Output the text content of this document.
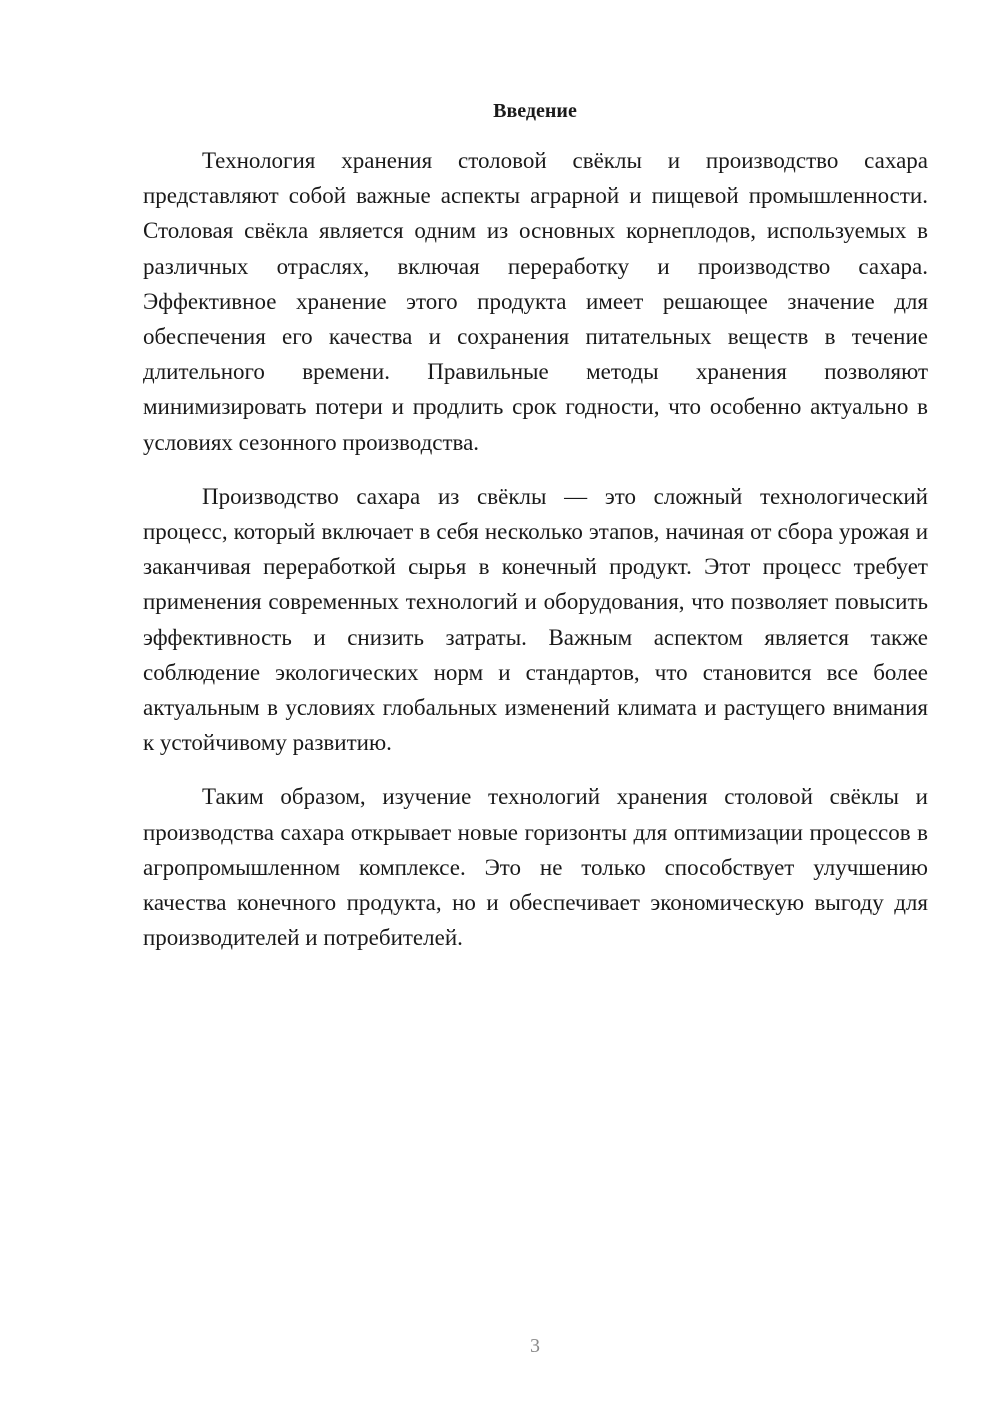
Введение

Технология хранения столовой свёклы и производство сахара представляют собой важные аспекты аграрной и пищевой промышленности. Столовая свёкла является одним из основных корнеплодов, используемых в различных отраслях, включая переработку и производство сахара. Эффективное хранение этого продукта имеет решающее значение для обеспечения его качества и сохранения питательных веществ в течение длительного времени. Правильные методы хранения позволяют минимизировать потери и продлить срок годности, что особенно актуально в условиях сезонного производства.

Производство сахара из свёклы — это сложный технологический процесс, который включает в себя несколько этапов, начиная от сбора урожая и заканчивая переработкой сырья в конечный продукт. Этот процесс требует применения современных технологий и оборудования, что позволяет повысить эффективность и снизить затраты. Важным аспектом является также соблюдение экологических норм и стандартов, что становится все более актуальным в условиях глобальных изменений климата и растущего внимания к устойчивому развитию.

Таким образом, изучение технологий хранения столовой свёклы и производства сахара открывает новые горизонты для оптимизации процессов в агропромышленном комплексе. Это не только способствует улучшению качества конечного продукта, но и обеспечивает экономическую выгоду для производителей и потребителей.

3
